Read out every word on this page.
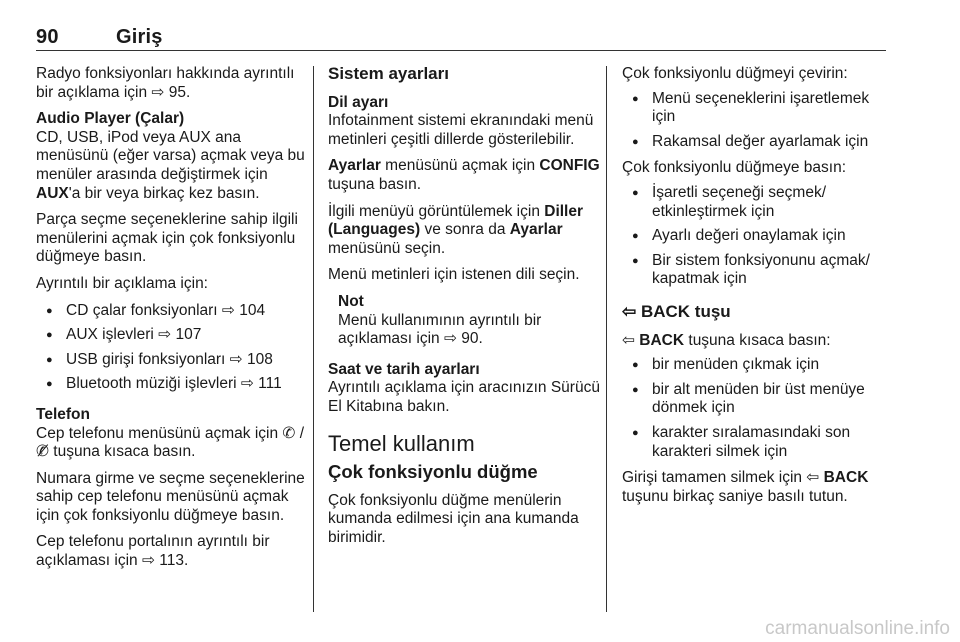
90	Giriş

Radyo fonksiyonları hakkında ayrıntılı bir açıklama için ⇨ 95.

Audio Player (Çalar)
CD, USB, iPod veya AUX ana menüsünü (eğer varsa) açmak veya bu menüler arasında değiştirmek için AUX'a bir veya birkaç kez basın.

Parça seçme seçeneklerine sahip ilgili menülerini açmak için çok fonksiyonlu düğmeye basın.

Ayrıntılı bir açıklama için:

● CD çalar fonksiyonları ⇨ 104
● AUX işlevleri ⇨ 107
● USB girişi fonksiyonları ⇨ 108
● Bluetooth müziği işlevleri ⇨ 111

Telefon
Cep telefonu menüsünü açmak için ✆ / ✆̸ tuşuna kısaca basın.

Numara girme ve seçme seçeneklerine sahip cep telefonu menüsünü açmak için çok fonksiyonlu düğmeye basın.

Cep telefonu portalının ayrıntılı bir açıklaması için ⇨ 113.

Sistem ayarları

Dil ayarı
Infotainment sistemi ekranındaki menü metinleri çeşitli dillerde gösterilebilir.

Ayarlar menüsünü açmak için CONFIG tuşuna basın.

İlgili menüyü görüntülemek için Diller (Languages) ve sonra da Ayarlar menüsünü seçin.

Menü metinleri için istenen dili seçin.

Not
Menü kullanımının ayrıntılı bir açıklaması için ⇨ 90.

Saat ve tarih ayarları
Ayrıntılı açıklama için aracınızın Sürücü El Kitabına bakın.

Temel kullanım
Çok fonksiyonlu düğme

Çok fonksiyonlu düğme menülerin kumanda edilmesi için ana kumanda birimidir.

Çok fonksiyonlu düğmeyi çevirin:

● Menü seçeneklerini işaretlemek için
● Rakamsal değer ayarlamak için

Çok fonksiyonlu düğmeye basın:

● İşaretli seçeneği seçmek/ etkinleştirmek için
● Ayarlı değeri onaylamak için
● Bir sistem fonksiyonunu açmak/ kapatmak için
⇦ BACK tuşu

⇦ BACK tuşuna kısaca basın:

● bir menüden çıkmak için
● bir alt menüden bir üst menüye dönmek için
● karakter sıralamasındaki son karakteri silmek için

Girişi tamamen silmek için ⇦ BACK tuşunu birkaç saniye basılı tutun.

carmanualsonline.info
